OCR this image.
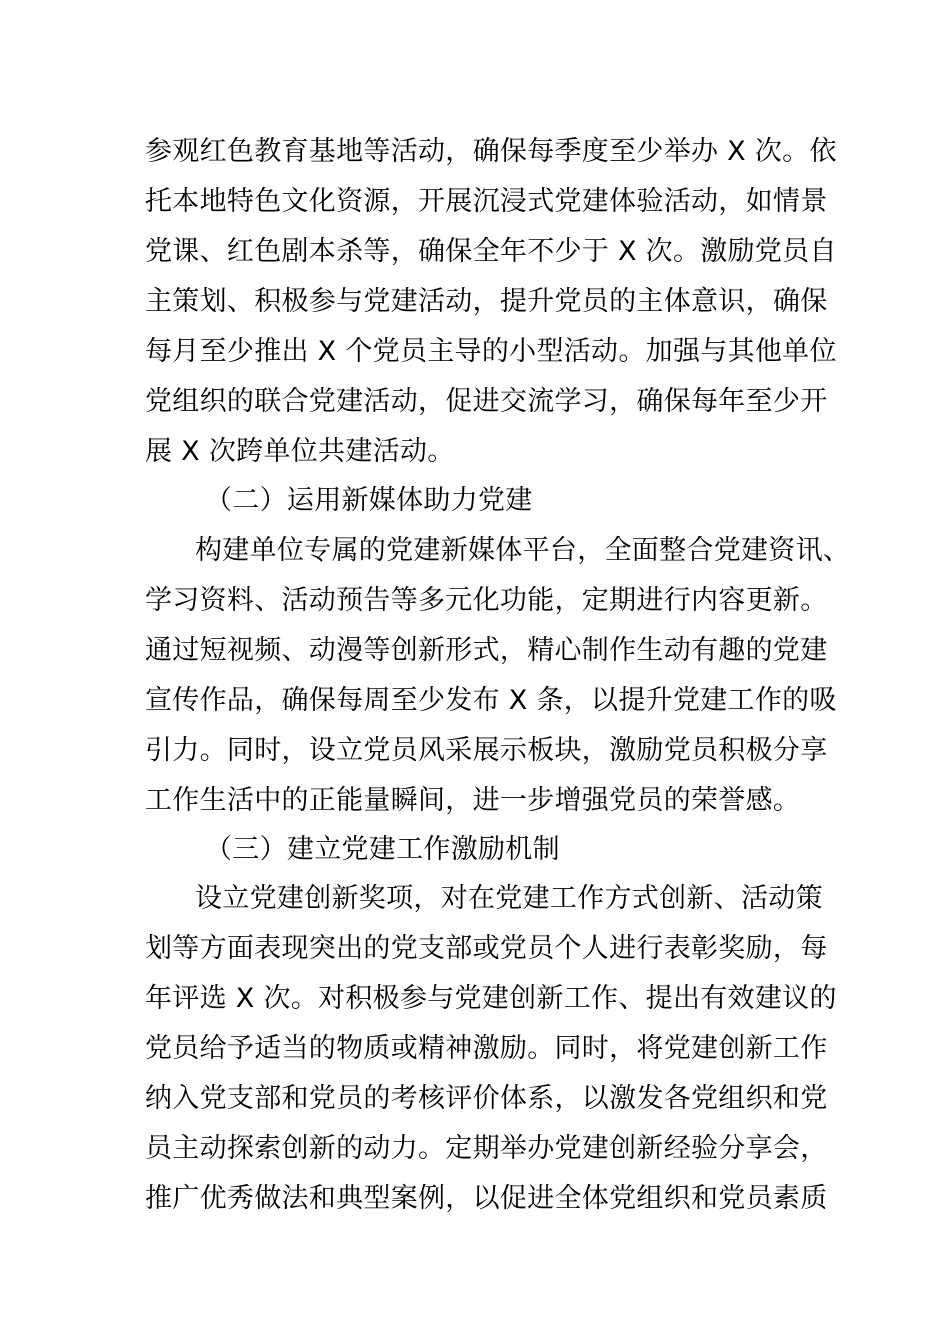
参观红色教育基地等活动，确保每季度至少举办 X 次。依
托本地特色文化资源，开展沉浸式党建体验活动，如情景
党课、红色剧本杀等，确保全年不少于 X 次。激励党员自
主策划、积极参与党建活动，提升党员的主体意识，确保
每月至少推出 X 个党员主导的小型活动。加强与其他单位
党组织的联合党建活动，促进交流学习，确保每年至少开
展 X 次跨单位共建活动。
（二）运用新媒体助力党建
构建单位专属的党建新媒体平台，全面整合党建资讯、
学习资料、活动预告等多元化功能，定期进行内容更新。
通过短视频、动漫等创新形式，精心制作生动有趣的党建
宣传作品，确保每周至少发布 X 条，以提升党建工作的吸
引力。同时，设立党员风采展示板块，激励党员积极分享
工作生活中的正能量瞬间，进一步增强党员的荣誉感。
（三）建立党建工作激励机制
设立党建创新奖项，对在党建工作方式创新、活动策
划等方面表现突出的党支部或党员个人进行表彰奖励，每
年评选 X 次。对积极参与党建创新工作、提出有效建议的
党员给予适当的物质或精神激励。同时，将党建创新工作
纳入党支部和党员的考核评价体系，以激发各党组织和党
员主动探索创新的动力。定期举办党建创新经验分享会，
推广优秀做法和典型案例，以促进全体党组织和党员素质
